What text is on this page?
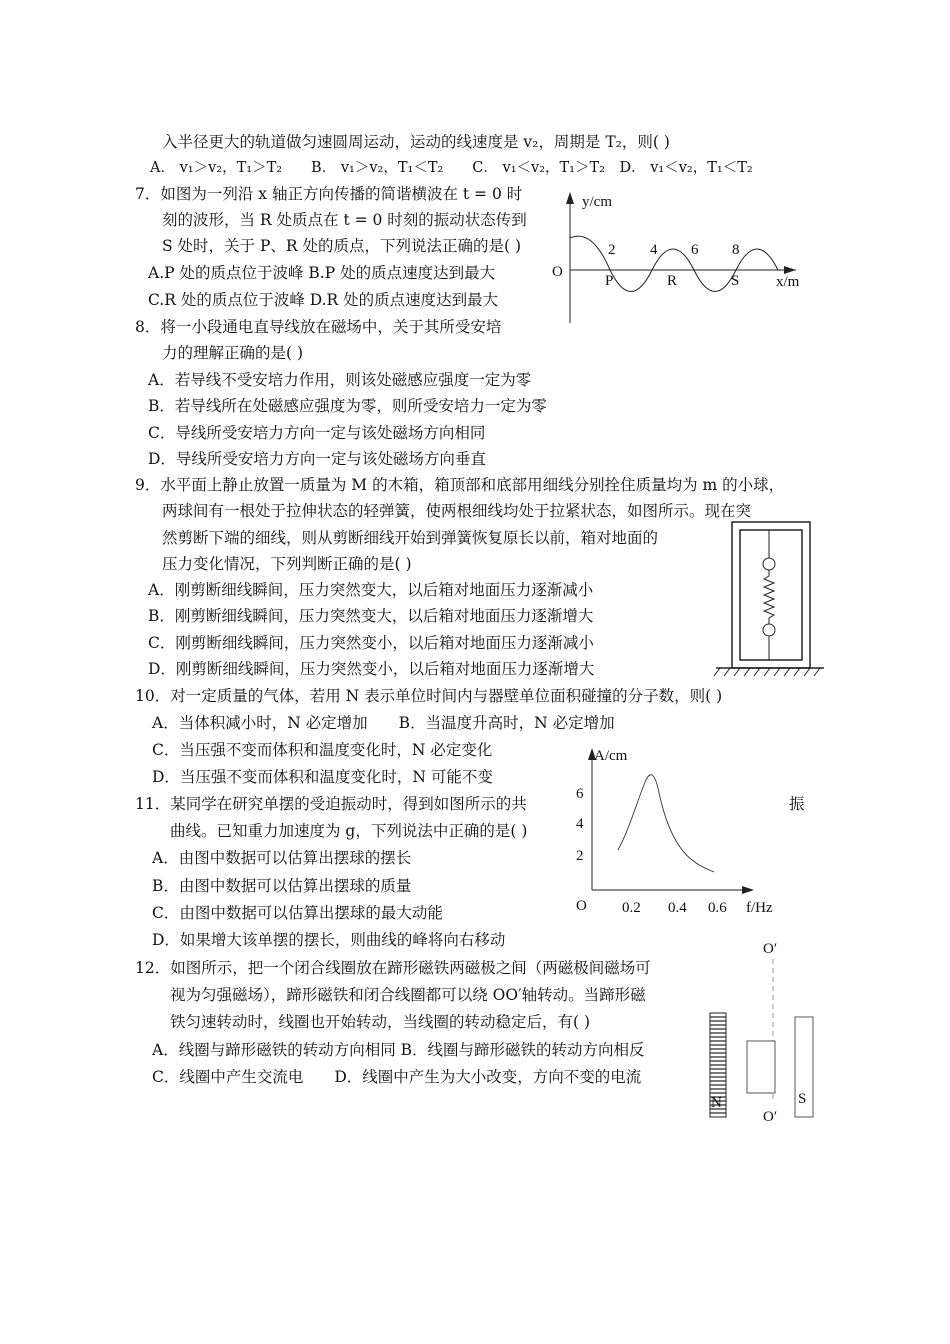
入半径更大的轨道做匀速圆周运动，运动的线速度是 v₂，周期是 T₂，则( )
A． v₁＞v₂，T₁＞T₂　　B． v₁＞v₂，T₁＜T₂　　C． v₁＜v₂，T₁＞T₂　D． v₁＜v₂，T₁＜T₂
7．如图为一列沿 x 轴正方向传播的简谐横波在 t = 0 时
刻的波形，当 R 处质点在 t = 0 时刻的振动状态传到
S 处时，关于 P、R 处的质点，下列说法正确的是( )
A.P 处的质点位于波峰 B.P 处的质点速度达到最大
C.R 处的质点位于波峰 D.R 处的质点速度达到最大
y/cm
x/m
O
2 4 6 8
P	R	S
8．将一小段通电直导线放在磁场中，关于其所受安培
力的理解正确的是( )
A．若导线不受安培力作用，则该处磁感应强度一定为零
B．若导线所在处磁感应强度为零，则所受安培力一定为零
C．导线所受安培力方向一定与该处磁场方向相同
D．导线所受安培力方向一定与该处磁场方向垂直
9．水平面上静止放置一质量为 M 的木箱，箱顶部和底部用细线分别拴住质量均为 m 的小球，
两球间有一根处于拉伸状态的轻弹簧，使两根细线均处于拉紧状态，如图所示。现在突
然剪断下端的细线，则从剪断细线开始到弹簧恢复原长以前，箱对地面的
压力变化情况，下列判断正确的是( )
A．刚剪断细线瞬间，压力突然变大，以后箱对地面压力逐渐减小
B．刚剪断细线瞬间，压力突然变大，以后箱对地面压力逐渐增大
C．刚剪断细线瞬间，压力突然变小，以后箱对地面压力逐渐减小
D．刚剪断细线瞬间，压力突然变小，以后箱对地面压力逐渐增大
10．对一定质量的气体，若用 N 表示单位时间内与器壁单位面积碰撞的分子数，则( )
A．当体积减小时，N 必定增加　　B．当温度升高时，N 必定增加
C．当压强不变而体积和温度变化时，N 必定变化
D．当压强不变而体积和温度变化时，N 可能不变
11．某同学在研究单摆的受迫振动时，得到如图所示的共	振
曲线。已知重力加速度为 g，下列说法中正确的是( )
A．由图中数据可以估算出摆球的摆长
B．由图中数据可以估算出摆球的质量
C．由图中数据可以估算出摆球的最大动能
D．如果增大该单摆的摆长，则曲线的峰将向右移动
A/cm
6
4
2
O 0.2 0.4 0.6 f/Hz
12．如图所示，把一个闭合线圈放在蹄形磁铁两磁极之间（两磁极间磁场可
视为匀强磁场），蹄形磁铁和闭合线圈都可以绕 OO′轴转动。当蹄形磁
铁匀速转动时，线圈也开始转动，当线圈的转动稳定后，有( )
A．线圈与蹄形磁铁的转动方向相同 B．线圈与蹄形磁铁的转动方向相反
C．线圈中产生交流电　　D．线圈中产生为大小改变，方向不变的电流
O′
N	S
O′
